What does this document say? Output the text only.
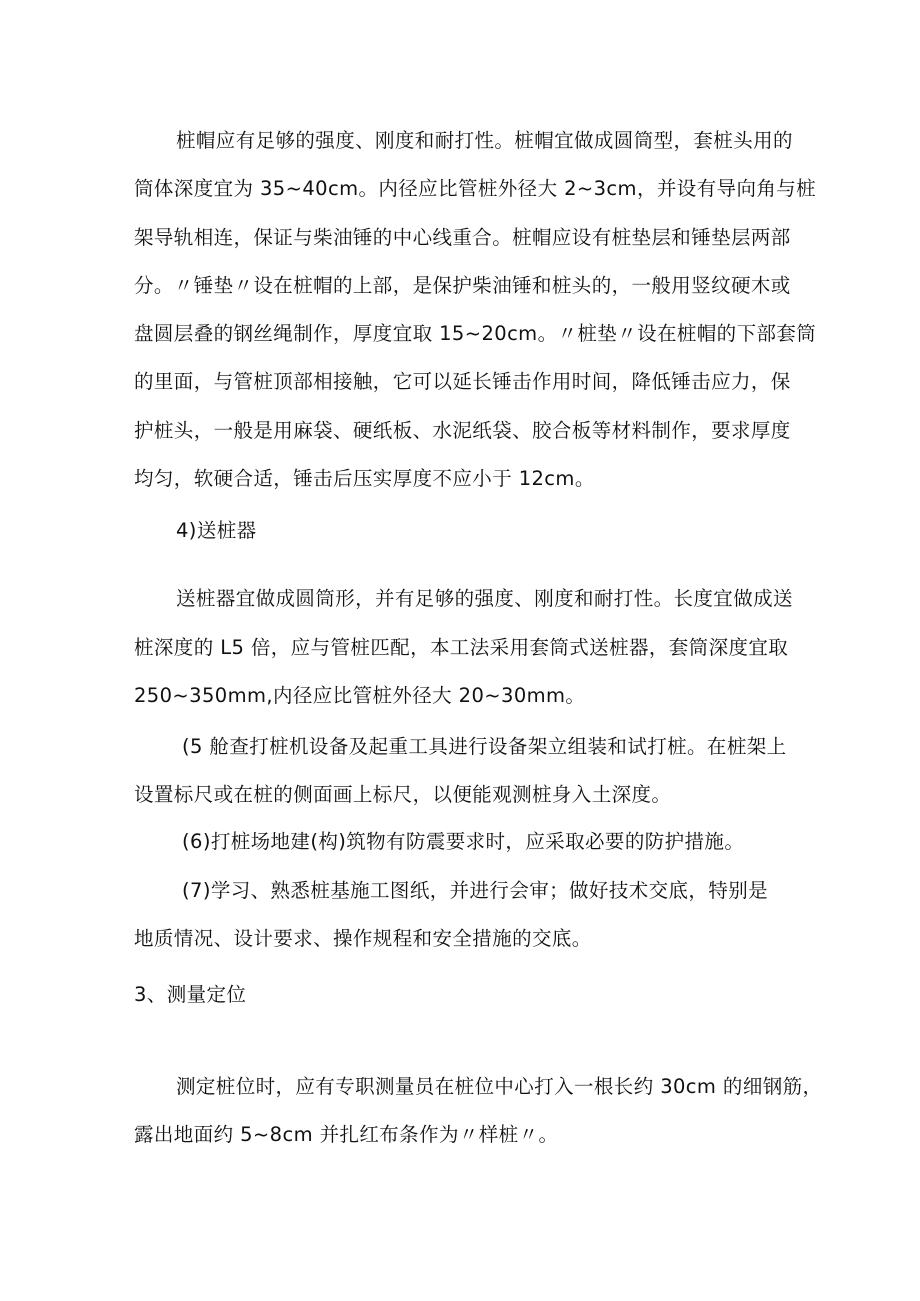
桩帽应有足够的强度、刚度和耐打性。桩帽宜做成圆筒型，套桩头用的
筒体深度宜为 35~40cm。内径应比管桩外径大 2~3cm，并设有导向角与桩
架导轨相连，保证与柴油锤的中心线重合。桩帽应设有桩垫层和锤垫层两部
分。〃锤垫〃设在桩帽的上部，是保护柴油锤和桩头的，一般用竖纹硬木或
盘圆层叠的钢丝绳制作，厚度宜取 15~20cm。〃桩垫〃设在桩帽的下部套筒
的里面，与管桩顶部相接触，它可以延长锤击作用时间，降低锤击应力，保
护桩头，一般是用麻袋、硬纸板、水泥纸袋、胶合板等材料制作，要求厚度
均匀，软硬合适，锤击后压实厚度不应小于 12cm。
4)送桩器
送桩器宜做成圆筒形，并有足够的强度、刚度和耐打性。长度宜做成送
桩深度的 L5 倍，应与管桩匹配，本工法采用套筒式送桩器，套筒深度宜取
250~350mm,内径应比管桩外径大 20~30mm。
(5 舱查打桩机设备及起重工具进行设备架立组装和试打桩。在桩架上
设置标尺或在桩的侧面画上标尺，以便能观测桩身入土深度。
(6)打桩场地建(构)筑物有防震要求时，应采取必要的防护措施。
(7)学习、熟悉桩基施工图纸，并进行会审；做好技术交底，特别是
地质情况、设计要求、操作规程和安全措施的交底。
3、测量定位
测定桩位时，应有专职测量员在桩位中心打入一根长约 30cm 的细钢筋，
露出地面约 5~8cm 并扎红布条作为〃样桩〃。
